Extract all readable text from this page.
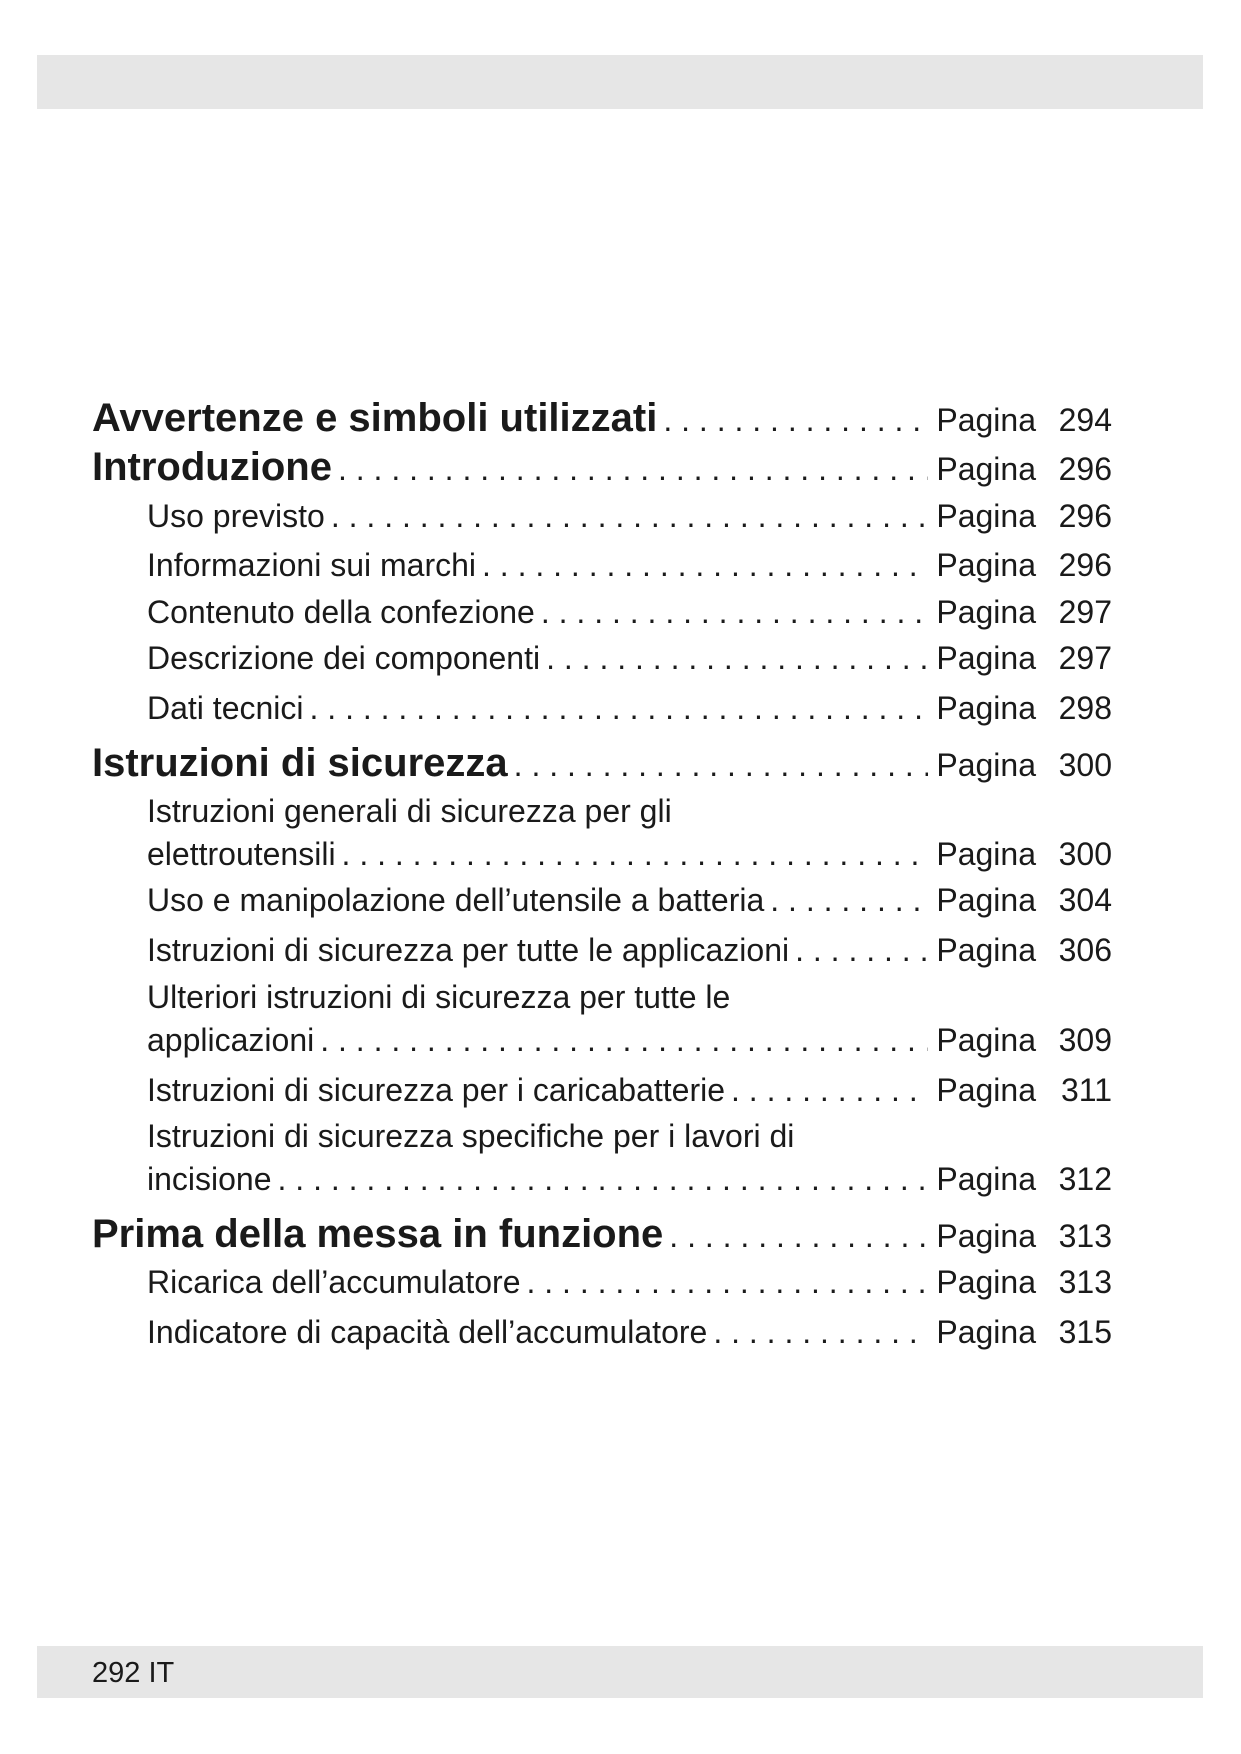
Avvertenze e simboli utilizzati . . .	Pagina 294
Introduzione . . .	Pagina 296
Uso previsto . . .	Pagina 296
Informazioni sui marchi . . .	Pagina 296
Contenuto della confezione . . .	Pagina 297
Descrizione dei componenti . . .	Pagina 297
Dati tecnici . . .	Pagina 298
Istruzioni di sicurezza . . .	Pagina 300
Istruzioni generali di sicurezza per gli
elettroutensili . . .	Pagina 300
Uso e manipolazione dell’utensile a batteria . . .	Pagina 304
Istruzioni di sicurezza per tutte le applicazioni . . .	Pagina 306
Ulteriori istruzioni di sicurezza per tutte le
applicazioni . . .	Pagina 309
Istruzioni di sicurezza per i caricabatterie . . .	Pagina 311
Istruzioni di sicurezza specifiche per i lavori di
incisione . . .	Pagina 312
Prima della messa in funzione . . .	Pagina 313
Ricarica dell’accumulatore . . .	Pagina 313
Indicatore di capacità dell’accumulatore . . .	Pagina 315
292 IT
